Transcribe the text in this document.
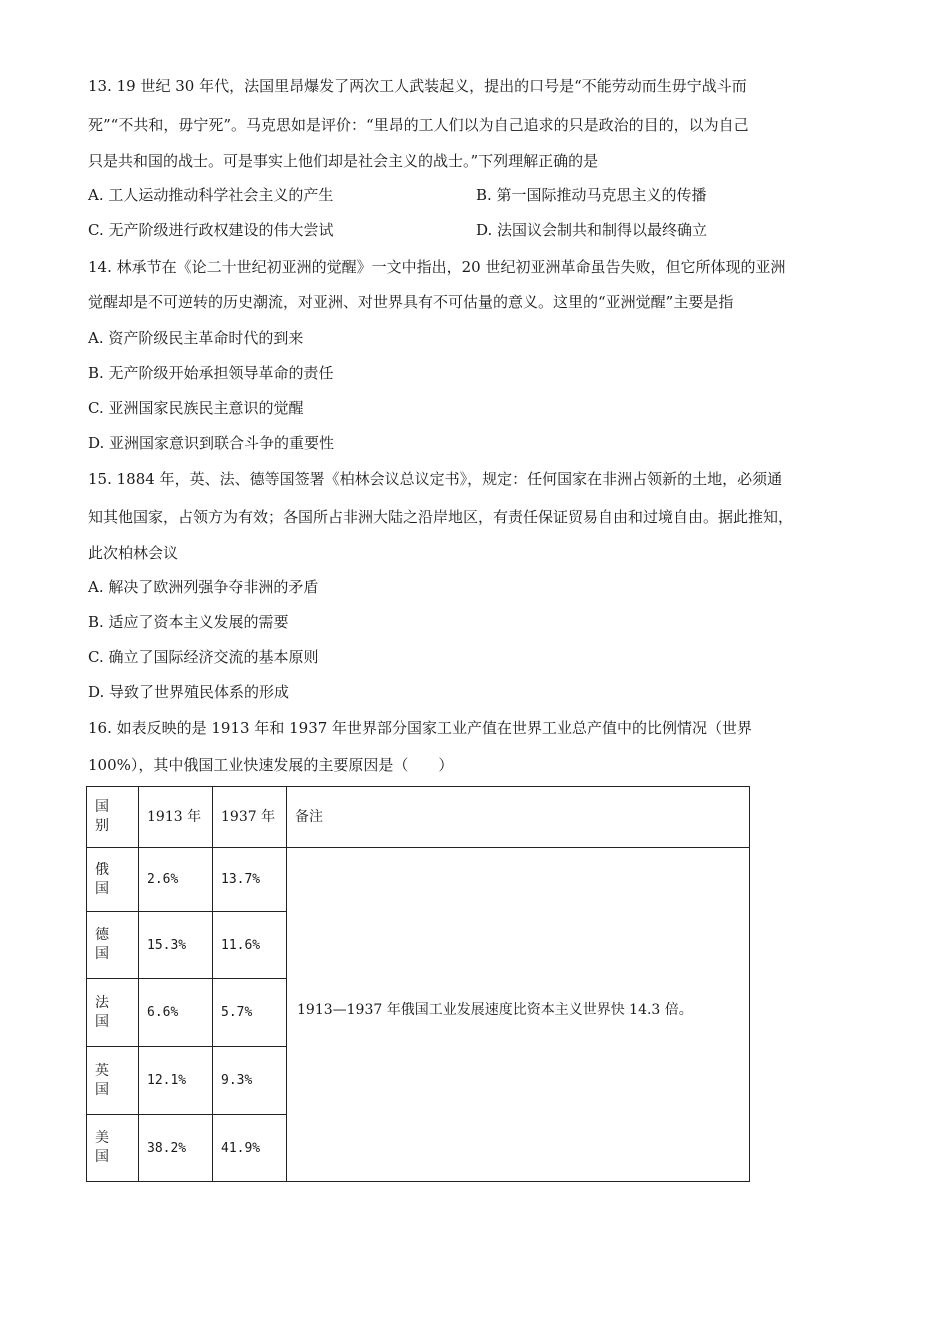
13. 19 世纪 30 年代，法国里昂爆发了两次工人武装起义，提出的口号是“不能劳动而生毋宁战斗而
死”“不共和，毋宁死”。马克思如是评价：“里昂的工人们以为自己追求的只是政治的目的，以为自己
只是共和国的战士。可是事实上他们却是社会主义的战士。”下列理解正确的是
A. 工人运动推动科学社会主义的产生	B. 第一国际推动马克思主义的传播
C. 无产阶级进行政权建设的伟大尝试	D. 法国议会制共和制得以最终确立
14. 林承节在《论二十世纪初亚洲的觉醒》一文中指出，20 世纪初亚洲革命虽告失败，但它所体现的亚洲
觉醒却是不可逆转的历史潮流，对亚洲、对世界具有不可估量的意义。这里的“亚洲觉醒”主要是指
A. 资产阶级民主革命时代的到来
B. 无产阶级开始承担领导革命的责任
C. 亚洲国家民族民主意识的觉醒
D. 亚洲国家意识到联合斗争的重要性
15. 1884 年，英、法、德等国签署《柏林会议总议定书》，规定：任何国家在非洲占领新的土地，必须通
知其他国家，占领方为有效；各国所占非洲大陆之沿岸地区，有责任保证贸易自由和过境自由。据此推知，
此次柏林会议
A. 解决了欧洲列强争夺非洲的矛盾
B. 适应了资本主义发展的需要
C. 确立了国际经济交流的基本原则
D. 导致了世界殖民体系的形成
16. 如表反映的是 1913 年和 1937 年世界部分国家工业产值在世界工业总产值中的比例情况（世界
100%），其中俄国工业快速发展的主要原因是（　　）
国别	1913 年	1937 年	备注

俄国	2.6%	13.7%	1913—1937 年俄国工业发展速度比资本主义世界快 14.3 倍。

德国	15.3%	11.6%	

法国	6.6%	5.7%	

英国	12.1%	9.3%	

美国	38.2%	41.9%	
